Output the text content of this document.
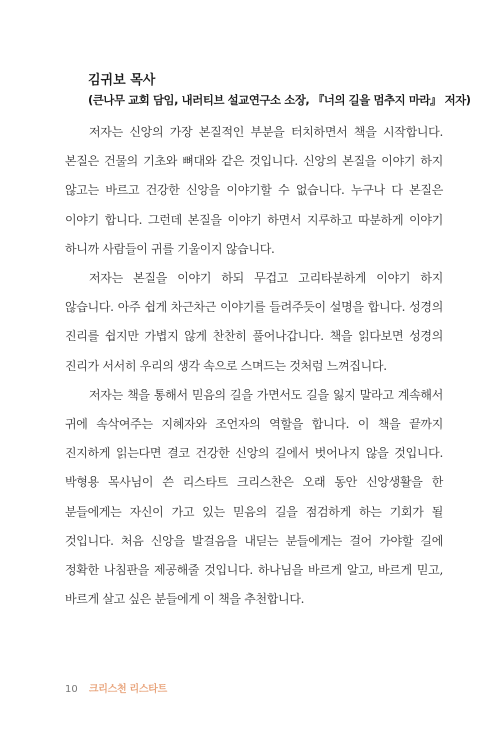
김귀보 목사
(큰나무 교회 담임, 내러티브 설교연구소 소장, 『너의 길을 멈추지 마라』 저자)

저자는 신앙의 가장 본질적인 부분을 터치하면서 책을 시작합니다. 본질은 건물의 기초와 뼈대와 같은 것입니다. 신앙의 본질을 이야기 하지 않고는 바르고 건강한 신앙을 이야기할 수 없습니다. 누구나 다 본질은 이야기 합니다. 그런데 본질을 이야기 하면서 지루하고 따분하게 이야기 하니까 사람들이 귀를 기울이지 않습니다.

저자는 본질을 이야기 하되 무겁고 고리타분하게 이야기 하지 않습니다. 아주 쉽게 차근차근 이야기를 들려주듯이 설명을 합니다. 성경의 진리를 쉽지만 가볍지 않게 찬찬히 풀어나갑니다. 책을 읽다보면 성경의 진리가 서서히 우리의 생각 속으로 스며드는 것처럼 느껴집니다.

저자는 책을 통해서 믿음의 길을 가면서도 길을 잃지 말라고 계속해서 귀에 속삭여주는 지혜자와 조언자의 역할을 합니다. 이 책을 끝까지 진지하게 읽는다면 결코 건강한 신앙의 길에서 벗어나지 않을 것입니다. 박형용 목사님이 쓴 리스타트 크리스찬은 오래 동안 신앙생활을 한 분들에게는 자신이 가고 있는 믿음의 길을 점검하게 하는 기회가 될 것입니다. 처음 신앙을 발걸음을 내딛는 분들에게는 걸어 가야할 길에 정확한 나침판을 제공해줄 것입니다. 하나님을 바르게 알고, 바르게 믿고, 바르게 살고 싶은 분들에게 이 책을 추천합니다.

10 크리스천 리스타트
